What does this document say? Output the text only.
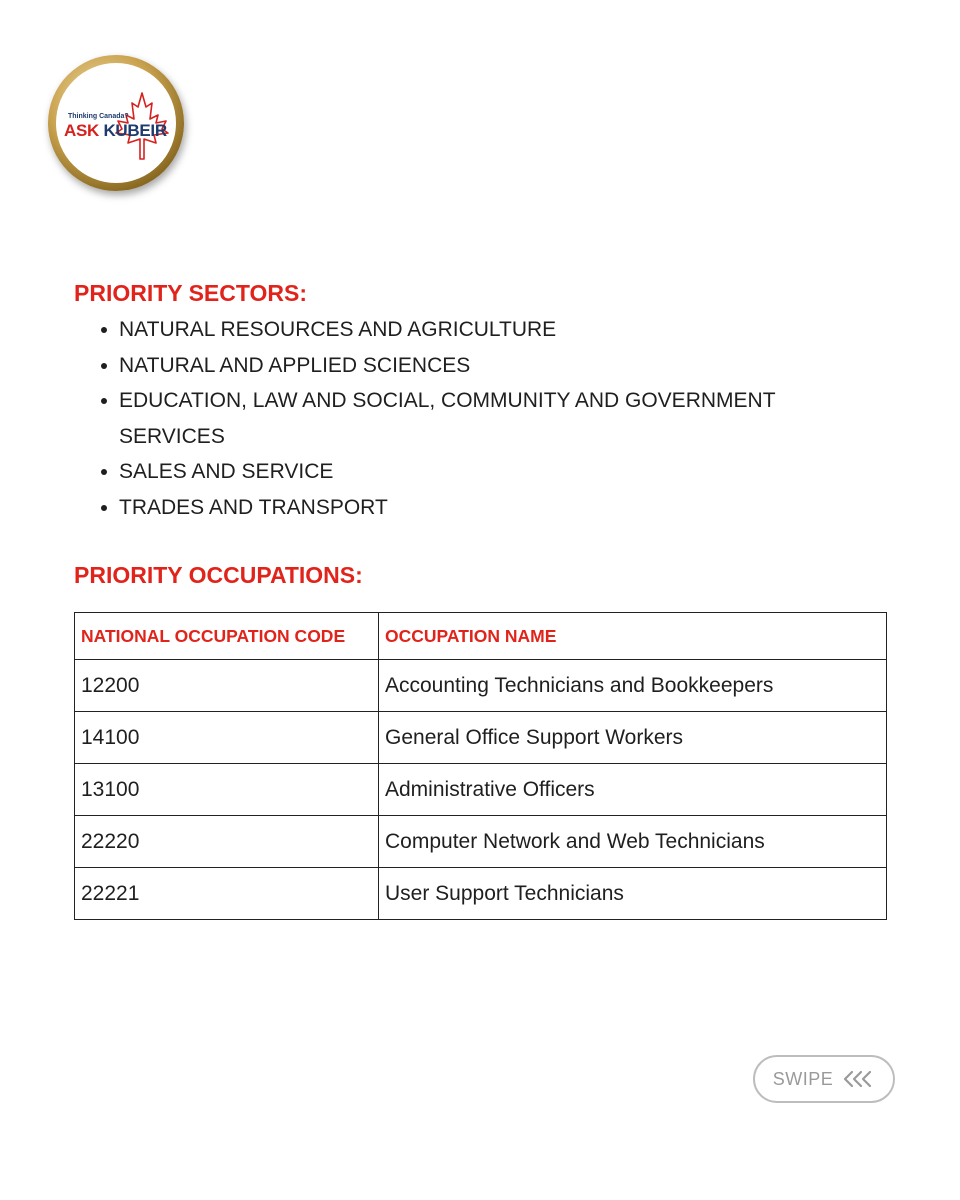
Thinking Canada?
ASK KUBEIR
PRIORITY SECTORS:
NATURAL RESOURCES AND AGRICULTURE
NATURAL AND APPLIED SCIENCES
EDUCATION, LAW AND SOCIAL, COMMUNITY AND GOVERNMENT SERVICES
SALES AND SERVICE
TRADES AND TRANSPORT
PRIORITY OCCUPATIONS:
NATIONAL OCCUPATION CODE	OCCUPATION NAME
12200	Accounting Technicians and Bookkeepers
14100	General Office Support Workers
13100	Administrative Officers
22220	Computer Network and Web Technicians
22221	User Support Technicians
SWIPE
